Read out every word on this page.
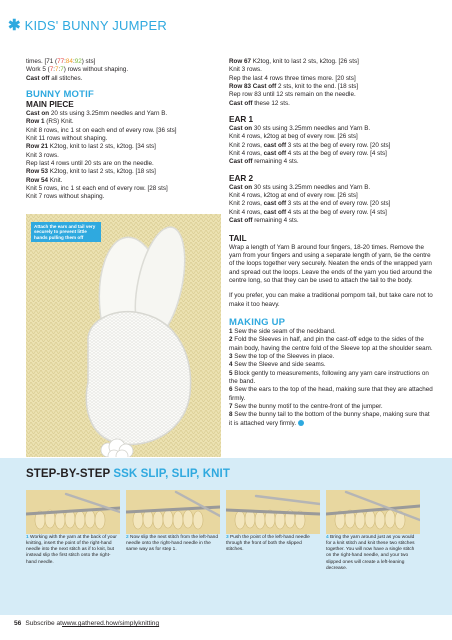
✱ KIDS' BUNNY JUMPER

times. [71 (77:84:92) sts]

Work 5 (7:7:7) rows without shaping.

Cast off all stitches.

BUNNY MOTIF
MAIN PIECE

Cast on 20 sts using 3.25mm needles and Yarn B.

Row 1 (RS) Knit.

Knit 8 rows, inc 1 st on each end of every row. [36 sts]

Knit 11 rows without shaping.

Row 21 K2tog, knit to last 2 sts, k2tog. [34 sts]

Knit 3 rows.

Rep last 4 rows until 20 sts are on the needle.

Row 53 K2tog, knit to last 2 sts, k2tog. [18 sts]

Row 54 Knit.

Knit 5 rows, inc 1 st each end of every row. [28 sts]

Knit 7 rows without shaping.

Attach the ears and tail very securely to prevent little hands pulling them off

Row 67 K2tog, knit to last 2 sts, k2tog. [26 sts]

Knit 3 rows.

Rep the last 4 rows three times more. [20 sts]

Row 83 Cast off 2 sts, knit to the end. [18 sts]

Rep row 83 until 12 sts remain on the needle.

Cast off these 12 sts.

EAR 1

Cast on 30 sts using 3.25mm needles and Yarn B.

Knit 4 rows, k2tog at beg of every row. [26 sts]

Knit 2 rows, cast off 3 sts at the beg of every row. [20 sts]

Knit 4 rows, cast off 4 sts at the beg of every row. [4 sts]

Cast off remaining 4 sts.

EAR 2

Cast on 30 sts using 3.25mm needles and Yarn B.

Knit 4 rows, k2tog at end of every row. [26 sts]

Knit 2 rows, cast off 3 sts at the end of every row. [20 sts]

Knit 4 rows, cast off 4 sts at the beg of every row. [4 sts]

Cast off remaining 4 sts.

TAIL

Wrap a length of Yarn B around four fingers, 18-20 times. Remove the yarn from your fingers and using a separate length of yarn, tie the centre of the loops together very securely. Neaten the ends of the wrapped yarn and spread out the loops. Leave the ends of the yarn you tied around the centre long, so that they can be used to attach the tail to the body.

If you prefer, you can make a traditional pompom tail, but take care not to make it too heavy.

MAKING UP

1 Sew the side seam of the neckband.

2 Fold the Sleeves in half, and pin the cast-off edge to the sides of the main body, having the centre fold of the Sleeve top at the shoulder seam.

3 Sew the top of the Sleeves in place.

4 Sew the Sleeve and side seams.

5 Block gently to measurements, following any yarn care instructions on the band.

6 Sew the ears to the top of the head, making sure that they are attached firmly.

7 Sew the bunny motif to the centre-front of the jumper.

8 Sew the bunny tail to the bottom of the bunny shape, making sure that it is attached very firmly.

STEP-BY-STEP SSK SLIP, SLIP, KNIT
1 Working with the yarn at the back of your knitting, insert the point of the right-hand needle into the next stitch as if to knit, but instead slip the first stitch onto the right-hand needle.
2 Now slip the next stitch from the left-hand needle onto the right-hand needle in the same way as for step 1.
3 Push the point of the left-hand needle through the front of both the slipped stitches.
4 Bring the yarn around just as you would for a knit stitch and knit these two stitches together. You will now have a single stitch on the right-hand needle, and your two slipped ones will create a left-leaning decrease.
56 Subscribe at www.gathered.how/simplyknitting
